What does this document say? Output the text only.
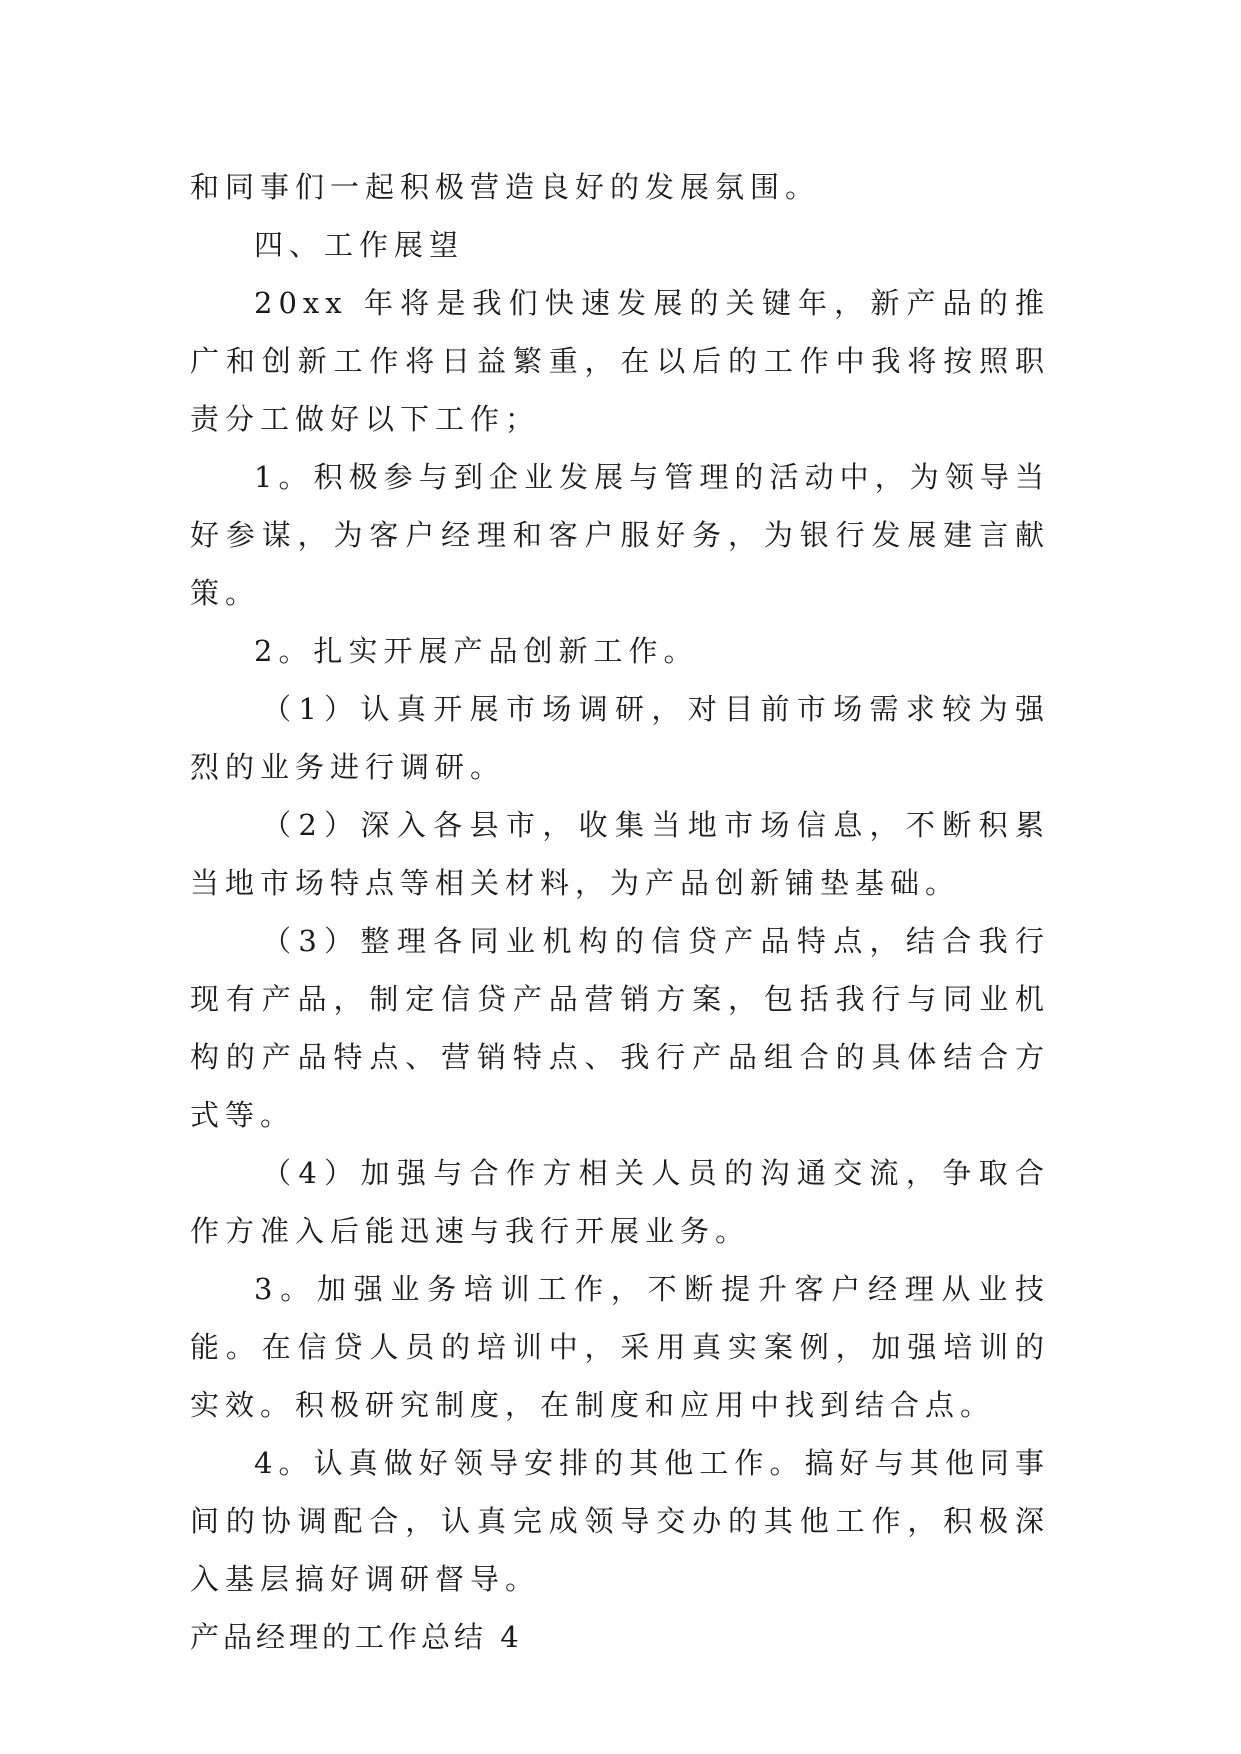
和同事们一起积极营造良好的发展氛围。

四、工作展望

20xx 年将是我们快速发展的关键年，新产品的推广和创新工作将日益繁重，在以后的工作中我将按照职责分工做好以下工作；

1。积极参与到企业发展与管理的活动中，为领导当好参谋，为客户经理和客户服好务，为银行发展建言献策。

2。扎实开展产品创新工作。

（1）认真开展市场调研，对目前市场需求较为强烈的业务进行调研。

（2）深入各县市，收集当地市场信息，不断积累当地市场特点等相关材料，为产品创新铺垫基础。

（3）整理各同业机构的信贷产品特点，结合我行现有产品，制定信贷产品营销方案，包括我行与同业机构的产品特点、营销特点、我行产品组合的具体结合方式等。

（4）加强与合作方相关人员的沟通交流，争取合作方准入后能迅速与我行开展业务。

3。加强业务培训工作，不断提升客户经理从业技能。在信贷人员的培训中，采用真实案例，加强培训的实效。积极研究制度，在制度和应用中找到结合点。

4。认真做好领导安排的其他工作。搞好与其他同事间的协调配合，认真完成领导交办的其他工作，积极深入基层搞好调研督导。

产品经理的工作总结 4
